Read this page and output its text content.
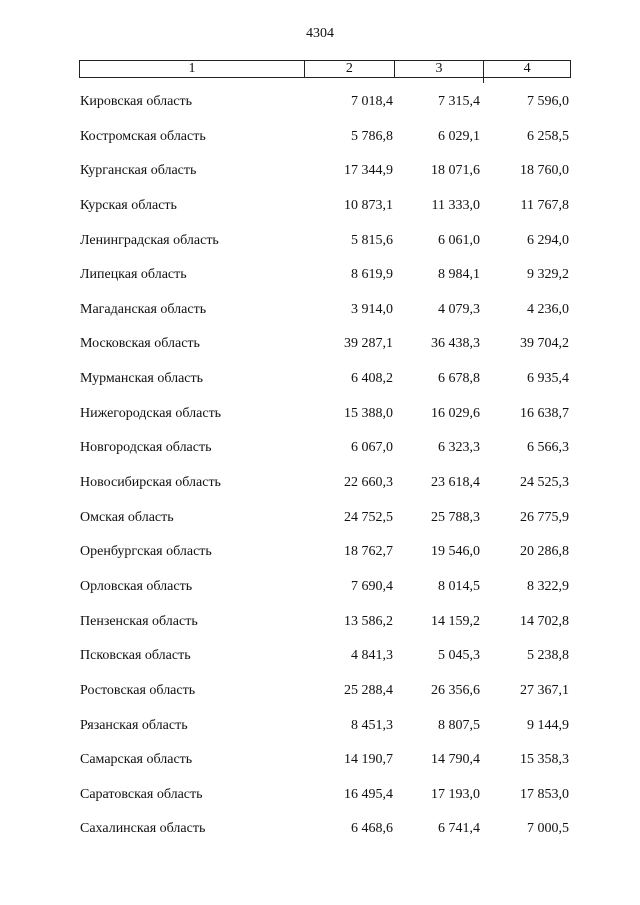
4304
1	2	3	4
Кировская область	7 018,4	7 315,4	7 596,0
Костромская область	5 786,8	6 029,1	6 258,5
Курганская область	17 344,9	18 071,6	18 760,0
Курская область	10 873,1	11 333,0	11 767,8
Ленинградская область	5 815,6	6 061,0	6 294,0
Липецкая область	8 619,9	8 984,1	9 329,2
Магаданская область	3 914,0	4 079,3	4 236,0
Московская область	39 287,1	36 438,3	39 704,2
Мурманская область	6 408,2	6 678,8	6 935,4
Нижегородская область	15 388,0	16 029,6	16 638,7
Новгородская область	6 067,0	6 323,3	6 566,3
Новосибирская область	22 660,3	23 618,4	24 525,3
Омская область	24 752,5	25 788,3	26 775,9
Оренбургская область	18 762,7	19 546,0	20 286,8
Орловская область	7 690,4	8 014,5	8 322,9
Пензенская область	13 586,2	14 159,2	14 702,8
Псковская область	4 841,3	5 045,3	5 238,8
Ростовская область	25 288,4	26 356,6	27 367,1
Рязанская область	8 451,3	8 807,5	9 144,9
Самарская область	14 190,7	14 790,4	15 358,3
Саратовская область	16 495,4	17 193,0	17 853,0
Сахалинская область	6 468,6	6 741,4	7 000,5
